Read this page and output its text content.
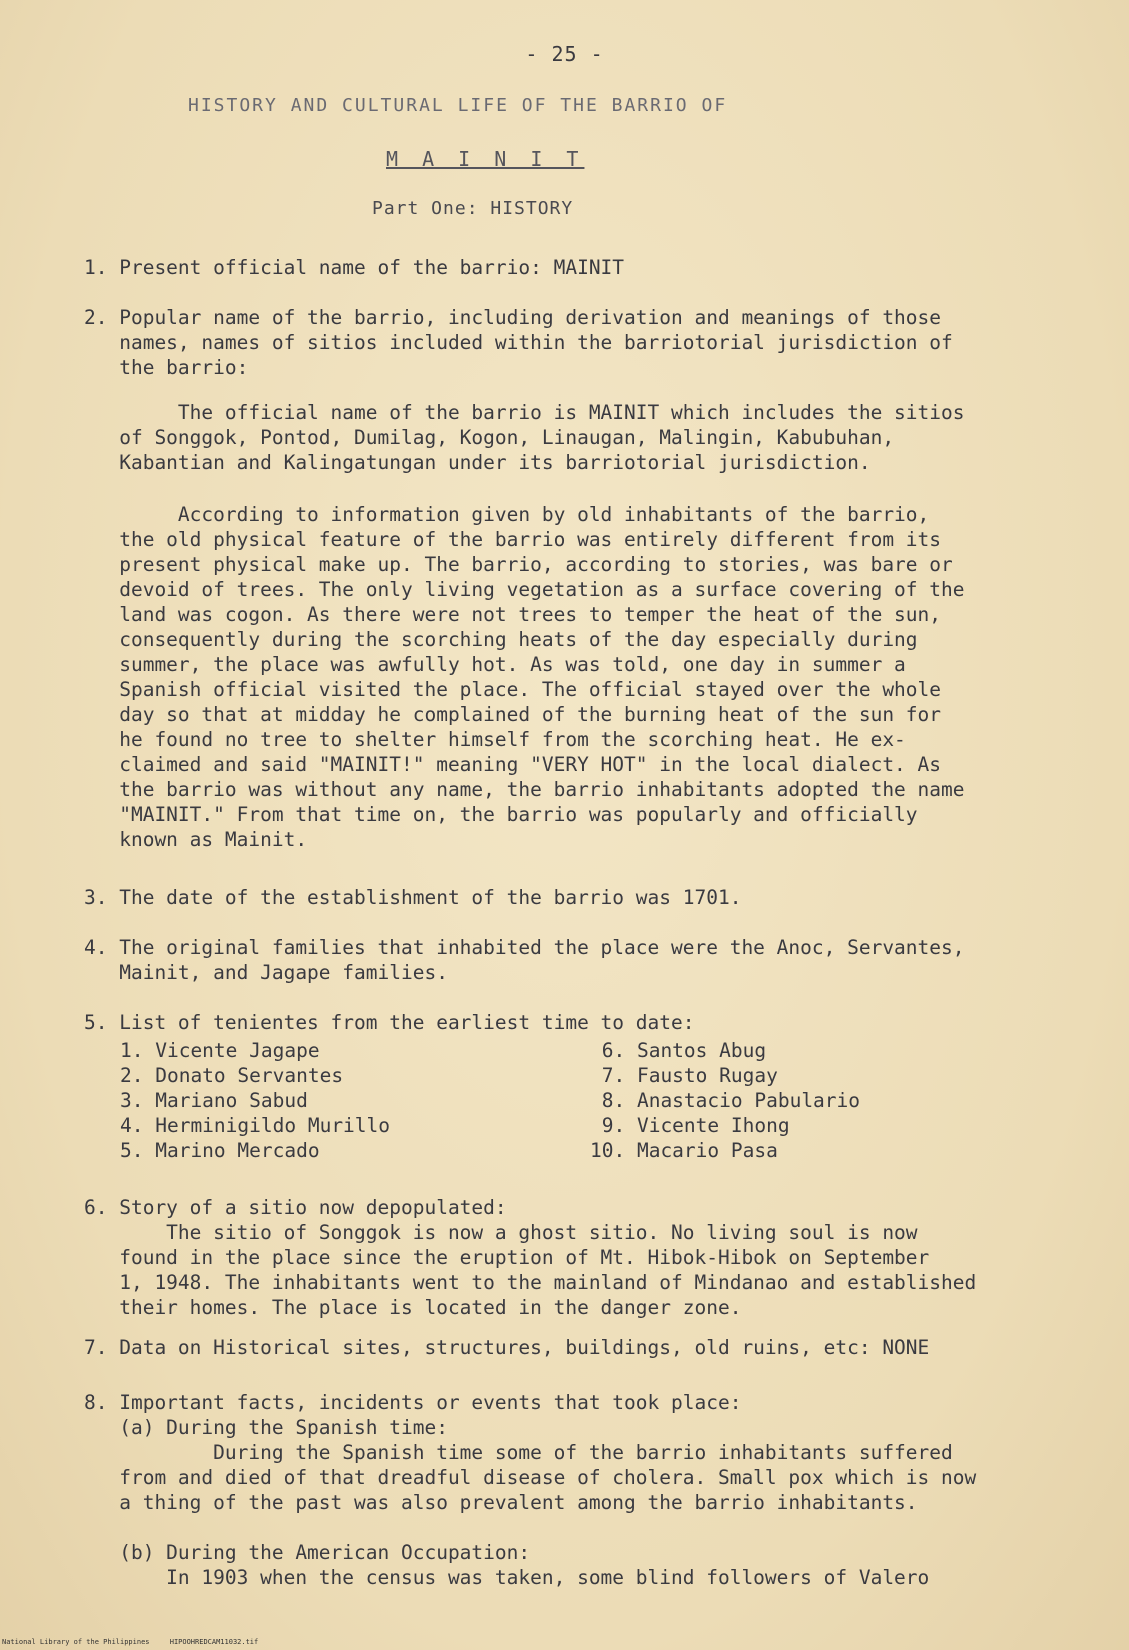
- 25 -
HISTORY AND CULTURAL LIFE OF THE BARRIO OF
M A I N I T
Part One: HISTORY
1. Present official name of the barrio: MAINIT
2. Popular name of the barrio, including derivation and meanings of those
names, names of sitios included within the barriotorial jurisdiction of
the barrio:
The official name of the barrio is MAINIT which includes the sitios
of Songgok, Pontod, Dumilag, Kogon, Linaugan, Malingin, Kabubuhan,
Kabantian and Kalingatungan under its barriotorial jurisdiction.
According to information given by old inhabitants of the barrio,
the old physical feature of the barrio was entirely different from its
present physical make up. The barrio, according to stories, was bare or
devoid of trees. The only living vegetation as a surface covering of the
land was cogon. As there were not trees to temper the heat of the sun,
consequently during the scorching heats of the day especially during
summer, the place was awfully hot. As was told, one day in summer a
Spanish official visited the place. The official stayed over the whole
day so that at midday he complained of the burning heat of the sun for
he found no tree to shelter himself from the scorching heat. He ex-
claimed and said "MAINIT!" meaning "VERY HOT" in the local dialect. As
the barrio was without any name, the barrio inhabitants adopted the name
"MAINIT." From that time on, the barrio was popularly and officially
known as Mainit.
3. The date of the establishment of the barrio was 1701.
4. The original families that inhabited the place were the Anoc, Servantes,
Mainit, and Jagape families.
5. List of tenientes from the earliest time to date:
1. Vicente Jagape
2. Donato Servantes
3. Mariano Sabud
4. Herminigildo Murillo
5. Marino Mercado
6. Santos Abug
7. Fausto Rugay
8. Anastacio Pabulario
9. Vicente Ihong
10. Macario Pasa
6. Story of a sitio now depopulated:
The sitio of Songgok is now a ghost sitio. No living soul is now
found in the place since the eruption of Mt. Hibok-Hibok on September
1, 1948. The inhabitants went to the mainland of Mindanao and established
their homes. The place is located in the danger zone.
7. Data on Historical sites, structures, buildings, old ruins, etc: NONE
8. Important facts, incidents or events that took place:
(a) During the Spanish time:
During the Spanish time some of the barrio inhabitants suffered
from and died of that dreadful disease of cholera. Small pox which is now
a thing of the past was also prevalent among the barrio inhabitants.

(b) During the American Occupation:
In 1903 when the census was taken, some blind followers of Valero
National Library of the Philippines	HIPOOHREDCAM11032.tif
